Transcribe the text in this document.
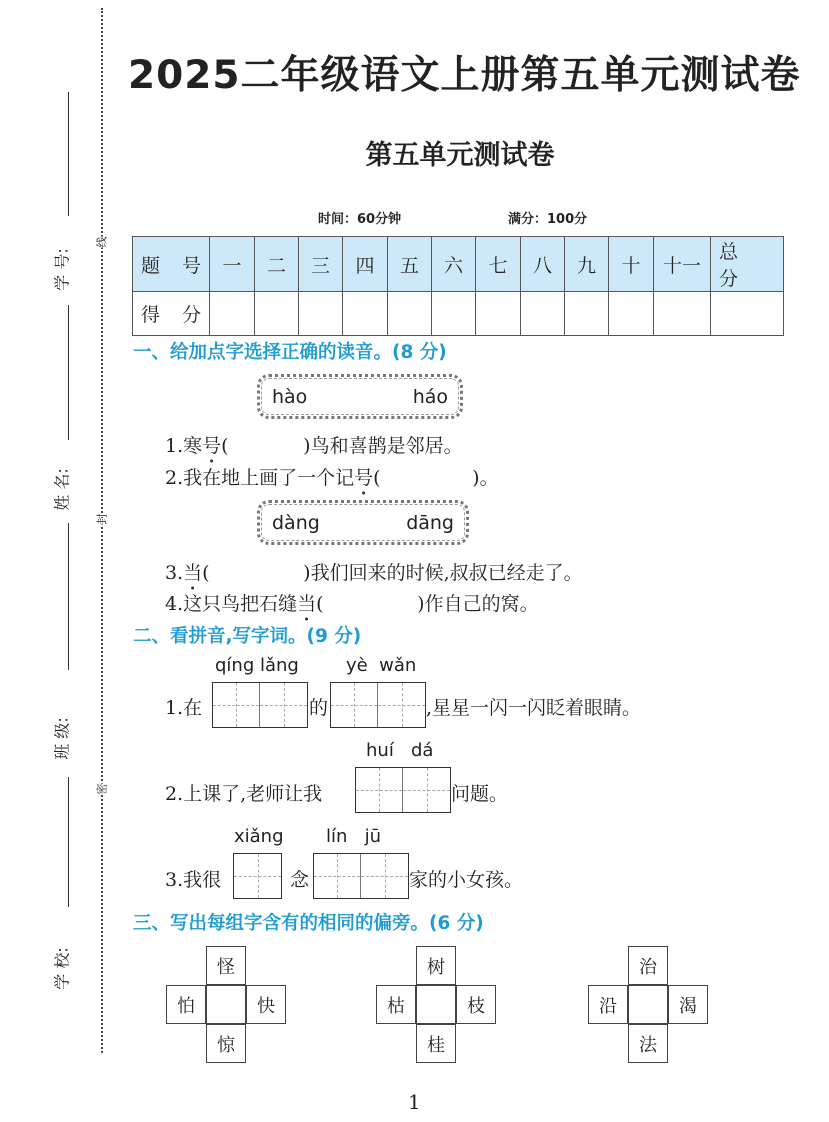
线
封
密
学 号:
姓 名:
班 级:
学 校:
2025二年级语文上册第五单元测试卷
第五单元测试卷
时间：60分钟	满分：100分
题　号	一	二	三	四	五	六	七	八	九	十	十一	总　分
得　分												
一、给加点字选择正确的读音。(8 分)
hào	háo
1.寒号(	)鸟和喜鹊是邻居。
2.我在地上画了一个记号(	)。
dàng	dāng
3.当(	)我们回来的时候,叔叔已经走了。
4.这只鸟把石缝当(	)作自己的窝。
二、看拼音,写字词。(9 分)
qíng lǎng	yè  wǎn
1.在	的	,星星一闪一闪眨着眼睛。
huí   dá
2.上课了,老师让我	问题。
xiǎng lín   jū
3.我很	念	家的小女孩。
三、写出每组字含有的相同的偏旁。(6 分)
怪
怕	快
惊
树
枯	枝
桂
治
沿	渴
法
1
